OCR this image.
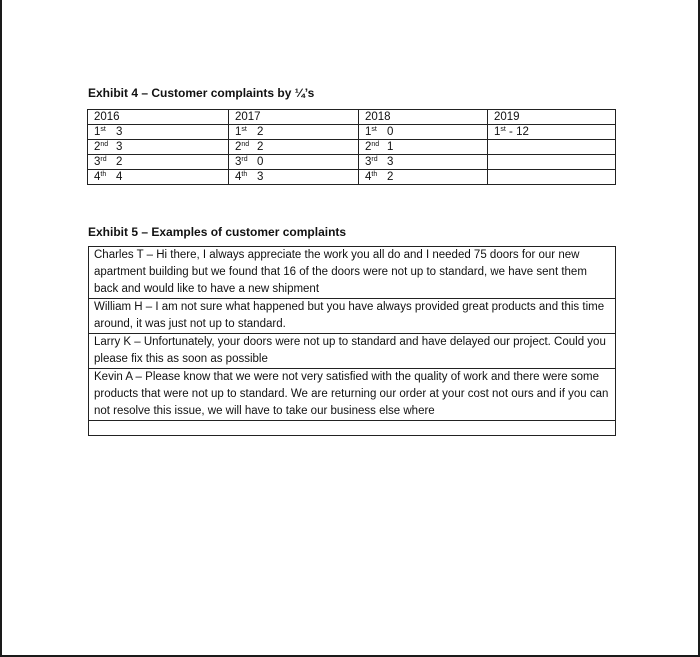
Exhibit 4 – Customer complaints by ¼’s
2016	2017	2018	2019
1st 3	1st 2	1st 0	1st - 12
2nd 3	2nd 2	2nd 1	
3rd 2	3rd 0	3rd 3	
4th 4	4th 3	4th 2	
Exhibit 5 – Examples of customer complaints
Charles T – Hi there, I always appreciate the work you all do and I needed 75 doors for our new apartment building but we found that 16 of the doors were not up to standard, we have sent them back and would like to have a new shipment
William H – I am not sure what happened but you have always provided great products and this time around, it was just not up to standard.
Larry K – Unfortunately, your doors were not up to standard and have delayed our project. Could you please fix this as soon as possible
Kevin A – Please know that we were not very satisfied with the quality of work and there were some products that were not up to standard. We are returning our order at your cost not ours and if you can not resolve this issue, we will have to take our business else where
